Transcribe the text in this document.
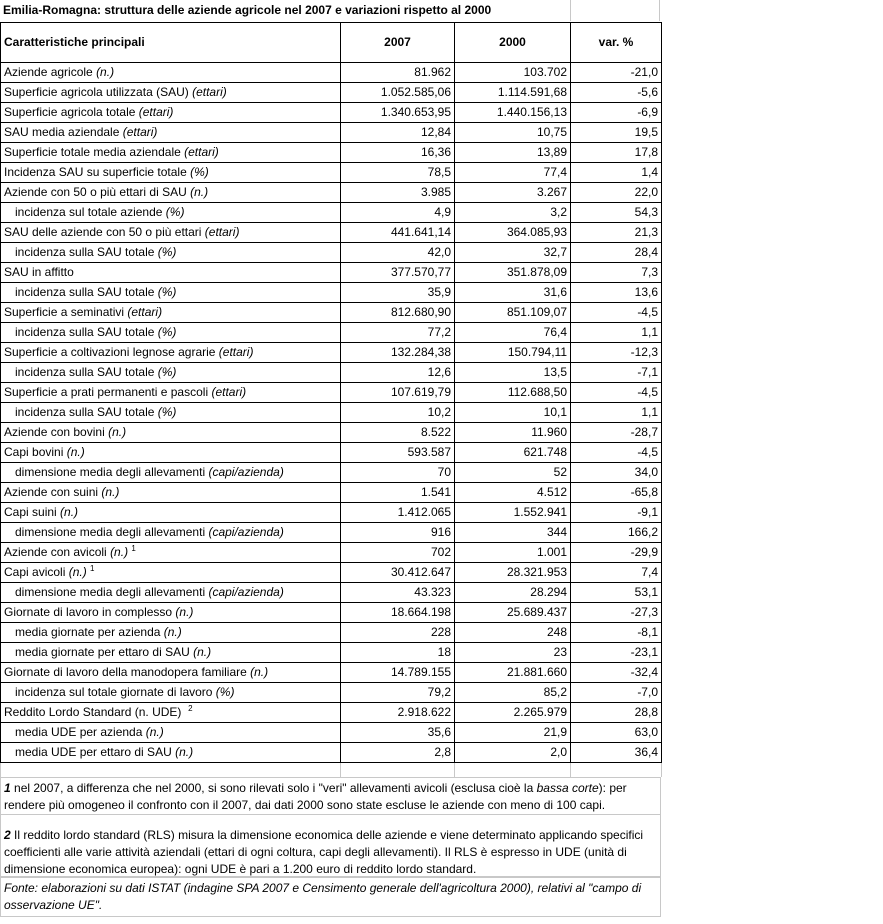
Emilia-Romagna: struttura delle aziende agricole nel 2007 e variazioni rispetto al 2000
Caratteristiche principali	2007	2000	var. %
Aziende agricole (n.)	81.962	103.702	-21,0
Superficie agricola utilizzata (SAU) (ettari)	1.052.585,06	1.114.591,68	-5,6
Superficie agricola totale (ettari)	1.340.653,95	1.440.156,13	-6,9
SAU media aziendale (ettari)	12,84	10,75	19,5
Superficie totale media aziendale (ettari)	16,36	13,89	17,8
Incidenza SAU su superficie totale (%)	78,5	77,4	1,4
Aziende con 50 o più ettari di SAU (n.)	3.985	3.267	22,0
incidenza sul totale aziende (%)	4,9	3,2	54,3
SAU delle aziende con 50 o più ettari (ettari)	441.641,14	364.085,93	21,3
incidenza sulla SAU totale (%)	42,0	32,7	28,4
SAU in affitto	377.570,77	351.878,09	7,3
incidenza sulla SAU totale (%)	35,9	31,6	13,6
Superficie a seminativi (ettari)	812.680,90	851.109,07	-4,5
incidenza sulla SAU totale (%)	77,2	76,4	1,1
Superficie a coltivazioni legnose agrarie (ettari)	132.284,38	150.794,11	-12,3
incidenza sulla SAU totale (%)	12,6	13,5	-7,1
Superficie a prati permanenti e pascoli (ettari)	107.619,79	112.688,50	-4,5
incidenza sulla SAU totale (%)	10,2	10,1	1,1
Aziende con bovini (n.)	8.522	11.960	-28,7
Capi bovini (n.)	593.587	621.748	-4,5
dimensione media degli allevamenti (capi/azienda)	70	52	34,0
Aziende con suini (n.)	1.541	4.512	-65,8
Capi suini (n.)	1.412.065	1.552.941	-9,1
dimensione media degli allevamenti (capi/azienda)	916	344	166,2
Aziende con avicoli (n.) $^1$	702	1.001	-29,9
Capi avicoli (n.) $^1$	30.412.647	28.321.953	7,4
dimensione media degli allevamenti (capi/azienda)	43.323	28.294	53,1
Giornate di lavoro in complesso (n.)	18.664.198	25.689.437	-27,3
media giornate per azienda (n.)	228	248	-8,1
media giornate per ettaro di SAU (n.)	18	23	-23,1
Giornate di lavoro della manodopera familiare (n.)	14.789.155	21.881.660	-32,4
incidenza sul totale giornate di lavoro (%)	79,2	85,2	-7,0
Reddito Lordo Standard (n. UDE)  $^2$	2.918.622	2.265.979	28,8
media UDE per azienda (n.)	35,6	21,9	63,0
media UDE per ettaro di SAU (n.)	2,8	2,0	36,4

1 nel 2007, a differenza che nel 2000, si sono rilevati solo i "veri" allevamenti avicoli (esclusa cioè la bassa corte): per rendere più omogeneo il confronto con il 2007, dai dati 2000 sono state escluse le aziende con meno di 100 capi.
2 Il reddito lordo standard (RLS) misura la dimensione economica delle aziende e viene determinato applicando specifici coefficienti alle varie attività aziendali (ettari di ogni coltura, capi degli allevamenti). Il RLS è espresso in UDE (unità di dimensione economica europea): ogni UDE è pari a 1.200 euro di reddito lordo standard.
Fonte: elaborazioni su dati ISTAT (indagine SPA 2007 e Censimento generale dell'agricoltura 2000), relativi al "campo di osservazione UE".
